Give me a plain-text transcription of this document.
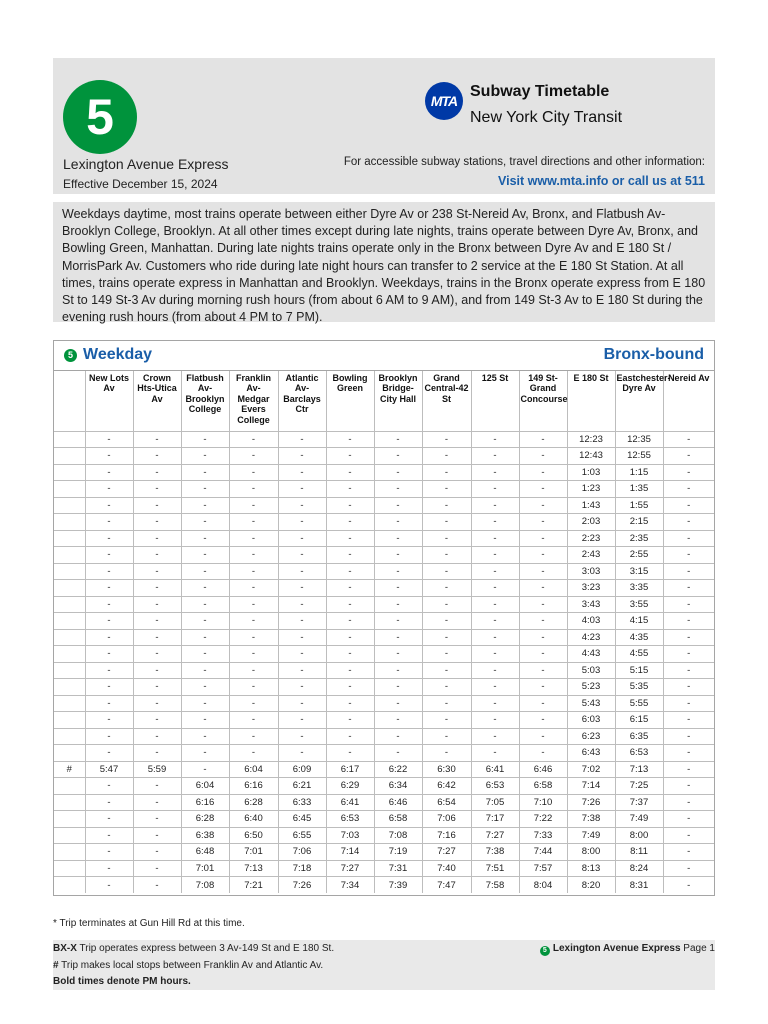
5
Lexington Avenue Express
Effective December 15, 2024
MTA
Subway Timetable
New York City Transit
For accessible subway stations, travel directions and other information:
Visit www.mta.info or call us at 511
Weekdays daytime, most trains operate between either Dyre Av or 238 St-Nereid Av, Bronx, and Flatbush Av-Brooklyn College, Brooklyn. At all other times except during late nights, trains operate between Dyre Av, Bronx, and Bowling Green, Manhattan. During late nights trains operate only in the Bronx between Dyre Av and E 180 St / MorrisPark Av. Customers who ride during late night hours can transfer to 2 service at the E 180 St Station. At all times, trains operate express in Manhattan and Brooklyn. Weekdays, trains in the Bronx operate express from E 180 St to 149 St-3 Av during morning rush hours (from about 6 AM to 9 AM), and from 149 St-3 Av to E 180 St during the evening rush hours (from about 4 PM to 7 PM).
5 Weekday	Bronx-bound
	New Lots Av	Crown Hts-Utica Av	Flatbush Av-Brooklyn College	Franklin Av-Medgar Evers College	Atlantic Av-Barclays Ctr	Bowling Green	Brooklyn Bridge-City Hall	Grand Central-42 St	125 St	149 St-Grand Concourse	E 180 St	Eastchester-Dyre Av	Nereid Av
	-	-	-	-	-	-	-	-	-	-	12:23	12:35	-
	-	-	-	-	-	-	-	-	-	-	12:43	12:55	-
	-	-	-	-	-	-	-	-	-	-	1:03	1:15	-
	-	-	-	-	-	-	-	-	-	-	1:23	1:35	-
	-	-	-	-	-	-	-	-	-	-	1:43	1:55	-
	-	-	-	-	-	-	-	-	-	-	2:03	2:15	-
	-	-	-	-	-	-	-	-	-	-	2:23	2:35	-
	-	-	-	-	-	-	-	-	-	-	2:43	2:55	-
	-	-	-	-	-	-	-	-	-	-	3:03	3:15	-
	-	-	-	-	-	-	-	-	-	-	3:23	3:35	-
	-	-	-	-	-	-	-	-	-	-	3:43	3:55	-
	-	-	-	-	-	-	-	-	-	-	4:03	4:15	-
	-	-	-	-	-	-	-	-	-	-	4:23	4:35	-
	-	-	-	-	-	-	-	-	-	-	4:43	4:55	-
	-	-	-	-	-	-	-	-	-	-	5:03	5:15	-
	-	-	-	-	-	-	-	-	-	-	5:23	5:35	-
	-	-	-	-	-	-	-	-	-	-	5:43	5:55	-
	-	-	-	-	-	-	-	-	-	-	6:03	6:15	-
	-	-	-	-	-	-	-	-	-	-	6:23	6:35	-
	-	-	-	-	-	-	-	-	-	-	6:43	6:53	-
#	5:47	5:59	-	6:04	6:09	6:17	6:22	6:30	6:41	6:46	7:02	7:13	-
	-	-	6:04	6:16	6:21	6:29	6:34	6:42	6:53	6:58	7:14	7:25	-
	-	-	6:16	6:28	6:33	6:41	6:46	6:54	7:05	7:10	7:26	7:37	-
	-	-	6:28	6:40	6:45	6:53	6:58	7:06	7:17	7:22	7:38	7:49	-
	-	-	6:38	6:50	6:55	7:03	7:08	7:16	7:27	7:33	7:49	8:00	-
	-	-	6:48	7:01	7:06	7:14	7:19	7:27	7:38	7:44	8:00	8:11	-
	-	-	7:01	7:13	7:18	7:27	7:31	7:40	7:51	7:57	8:13	8:24	-
	-	-	7:08	7:21	7:26	7:34	7:39	7:47	7:58	8:04	8:20	8:31	-
* Trip terminates at Gun Hill Rd at this time.
BX-X Trip operates express between 3 Av-149 St and E 180 St.
# Trip makes local stops between Franklin Av and Atlantic Av.
Bold times denote PM hours.
5 Lexington Avenue Express Page 1
